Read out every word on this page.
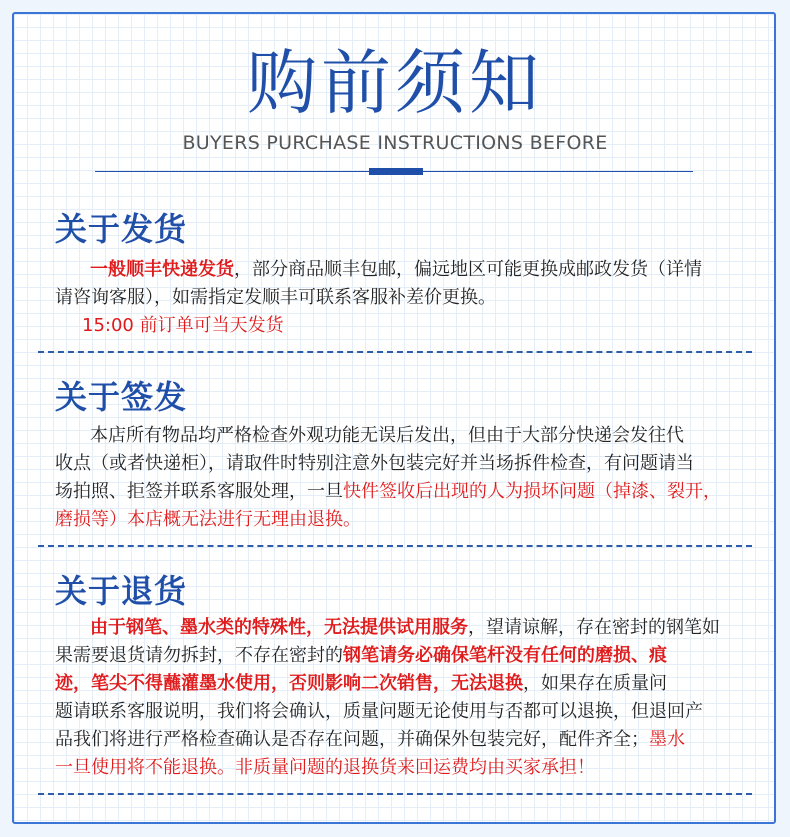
购前须知
BUYERS PURCHASE INSTRUCTIONS BEFORE
关于发货
一般顺丰快递发货，部分商品顺丰包邮，偏远地区可能更换成邮政发货（详情
请咨询客服），如需指定发顺丰可联系客服补差价更换。
15:00 前订单可当天发货
关于签发
本店所有物品均严格检查外观功能无误后发出，但由于大部分快递会发往代
收点（或者快递柜），请取件时特别注意外包装完好并当场拆件检查，有问题请当
场拍照、拒签并联系客服处理，一旦快件签收后出现的人为损坏问题（掉漆、裂开，
磨损等）本店概无法进行无理由退换。
关于退货
由于钢笔、墨水类的特殊性，无法提供试用服务，望请谅解，存在密封的钢笔如
果需要退货请勿拆封，不存在密封的钢笔请务必确保笔杆没有任何的磨损、痕
迹，笔尖不得蘸灌墨水使用，否则影响二次销售，无法退换，如果存在质量问
题请联系客服说明，我们将会确认，质量问题无论使用与否都可以退换，但退回产
品我们将进行严格检查确认是否存在问题，并确保外包装完好，配件齐全；墨水
一旦使用将不能退换。非质量问题的退换货来回运费均由买家承担！
